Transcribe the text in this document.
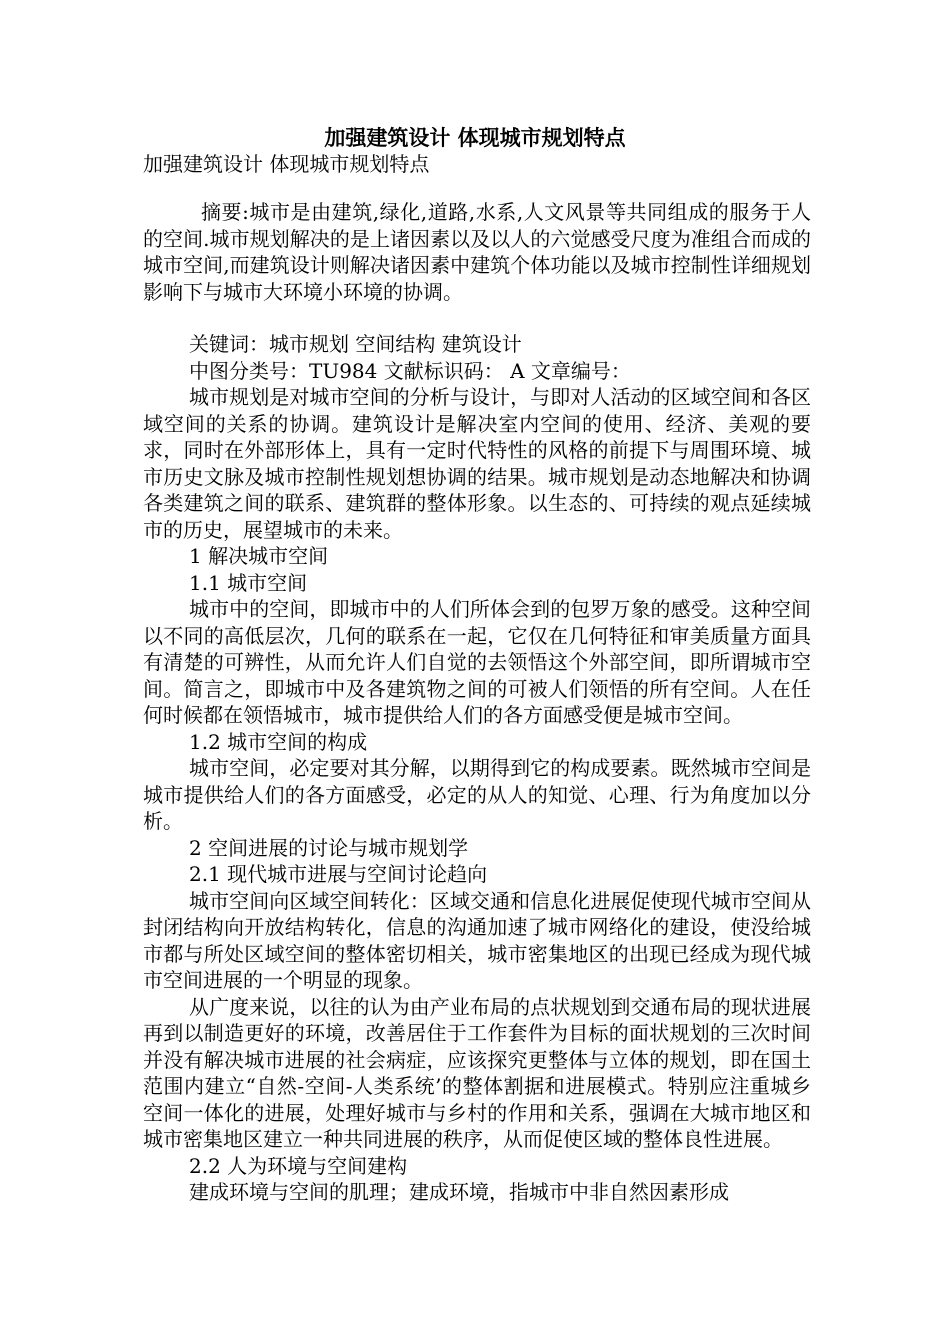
加强建筑设计 体现城市规划特点
加强建筑设计 体现城市规划特点

摘要:城市是由建筑,绿化,道路,水系,人文风景等共同组成的服务于人的空间.城市规划解决的是上诸因素以及以人的六觉感受尺度为准组合而成的城市空间,而建筑设计则解决诸因素中建筑个体功能以及城市控制性详细规划影响下与城市大环境小环境的协调。

关键词：城市规划 空间结构 建筑设计

中图分类号：TU984 文献标识码： A 文章编号：

城市规划是对城市空间的分析与设计，与即对人活动的区域空间和各区域空间的关系的协调。建筑设计是解决室内空间的使用、经济、美观的要求，同时在外部形体上，具有一定时代特性的风格的前提下与周围环境、城市历史文脉及城市控制性规划想协调的结果。城市规划是动态地解决和协调各类建筑之间的联系、建筑群的整体形象。以生态的、可持续的观点延续城市的历史，展望城市的未来。

1 解决城市空间

1.1 城市空间

城市中的空间，即城市中的人们所体会到的包罗万象的感受。这种空间以不同的高低层次，几何的联系在一起，它仅在几何特征和审美质量方面具有清楚的可辨性，从而允许人们自觉的去领悟这个外部空间，即所谓城市空间。简言之，即城市中及各建筑物之间的可被人们领悟的所有空间。人在任何时候都在领悟城市，城市提供给人们的各方面感受便是城市空间。

1.2 城市空间的构成

城市空间，必定要对其分解，以期得到它的构成要素。既然城市空间是城市提供给人们的各方面感受，必定的从人的知觉、心理、行为角度加以分析。

2 空间进展的讨论与城市规划学

2.1 现代城市进展与空间讨论趋向

城市空间向区域空间转化：区域交通和信息化进展促使现代城市空间从封闭结构向开放结构转化，信息的沟通加速了城市网络化的建设，使没给城市都与所处区域空间的整体密切相关，城市密集地区的出现已经成为现代城市空间进展的一个明显的现象。

从广度来说，以往的认为由产业布局的点状规划到交通布局的现状进展再到以制造更好的环境，改善居住于工作套件为目标的面状规划的三次时间并没有解决城市进展的社会病症，应该探究更整体与立体的规划，即在国土范围内建立“自然-空间-人类系统’的整体割据和进展模式。特别应注重城乡空间一体化的进展，处理好城市与乡村的作用和关系，强调在大城市地区和城市密集地区建立一种共同进展的秩序，从而促使区域的整体良性进展。

2.2 人为环境与空间建构

建成环境与空间的肌理；建成环境，指城市中非自然因素形成
